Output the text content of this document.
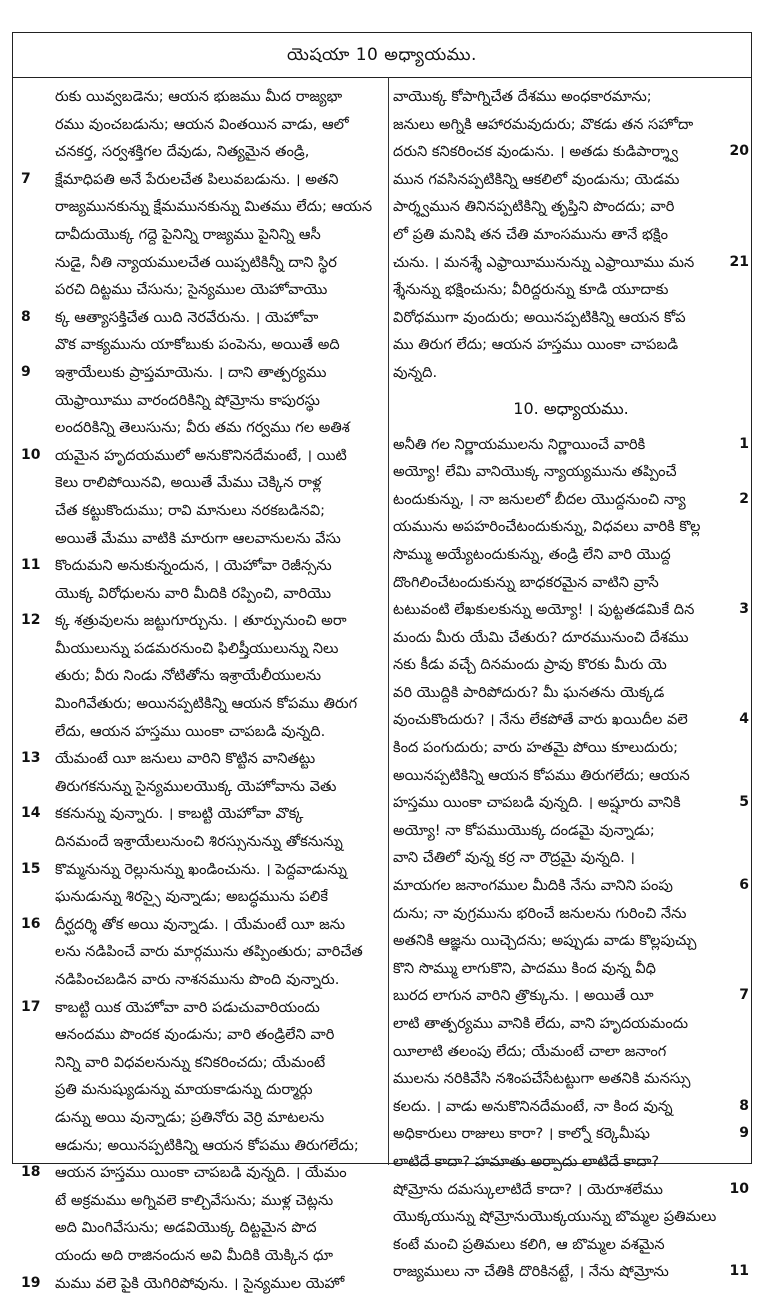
యెషయా 10 అధ్యాయము.
రుకు యివ్వబడెను; ఆయన భుజము మీద రాజ్యభా
రము వుంచబడును; ఆయన వింతయిన వాడు, ఆలో
చనకర్త, సర్వశక్తిగల దేవుడు, నిత్యమైన తండ్రి,
7	క్షేమాధిపతి అనే పేరులచేత పిలువబడును. । అతని
రాజ్యమునకున్ను క్షేమమునకున్ను మితము లేదు; ఆయన
దావీదుయొక్క గద్దె పైనిన్ని రాజ్యము పైనిన్ని ఆసీ
నుడై, నీతి న్యాయములచేత యిప్పటికిన్నీ దాని స్థిర
పరచి దిట్టము చేసును; సైన్యముల యెహోవాయొ
8	క్క ఆత్యాసక్తిచేత యిది నెరవేరును. । యెహోవా
వొక వాక్యమును యాకోబుకు పంపెను, అయితే అది
9	ఇశ్రాయేలుకు ప్రాప్తమాయెను. । దాని తాత్పర్యము
యెఫ్రాయీము వారందరికిన్ని షోమ్రోను కాపురస్థు
లందరికిన్ని తెలుసును; వీరు తమ గర్వము గల అతిశ
10 యమైన హృదయములో అనుకొనినదేమంటే, । యిటి
కెలు రాలిపోయినవి, అయితే మేము చెక్కిన రాళ్ల
చేత కట్టుకొందుము; రావి మానులు నరకబడినవి;
అయితే మేము వాటికి మారుగా ఆలవానులను వేసు
11 కొందుమని అనుకున్నందున, । యెహోవా రెజీన్సను
యొక్క విరోధులను వారి మీదికి రప్పించి, వారియొ
12 క్క శత్రువులను జట్టుగూర్చును. । తూర్పునుంచి అరా
మీయులున్ను పడమరనుంచి ఫిలిష్తీయులున్ను నిలు
తురు; వీరు నిండు నోటితోను ఇశ్రాయేలీయులను
మింగివేతురు; అయినప్పటికిన్ని ఆయన కోపము తిరుగ
లేదు, ఆయన హస్తము యింకా చాపబడి వున్నది.
13 యేమంటే యీ జనులు వారిని కొట్టిన వానితట్టు
తిరుగకనున్ను సైన్యములయొక్క యెహోవాను వెతు
14 కకనున్ను వున్నారు. । కాబట్టి యెహోవా వొక్క
దినమందే ఇశ్రాయేలునుంచి శిరస్సునున్ను తోకనున్ను
15 కొమ్మనున్ను రెల్లునున్ను ఖండించును. । పెద్దవాడున్ను
ఘనుడున్ను శిరస్సై వున్నాడు; అబద్ధమును పలికే
16 దీర్ఘదర్శి తోక అయి వున్నాడు. । యేమంటే యీ జను
లను నడిపించే వారు మార్గమును తప్పింతురు; వారిచేత
నడిపించబడిన వారు నాశనమును పొంది వున్నారు.
17 కాబట్టి యిక యెహోవా వారి పడుచువారియందు
ఆనందము పొందక వుండును; వారి తండ్రిలేని వారి
నిన్ని వారి విధవలనున్ను కనికరించదు; యేమంటే
ప్రతి మనుష్యుడున్ను మాయకాడున్ను దుర్మార్గు
డున్ను అయి వున్నాడు; ప్రతినోరు వెర్రి మాటలను
ఆడును; అయినప్పటికిన్ని ఆయన కోపము తిరుగలేదు;
18 ఆయన హస్తము యింకా చాపబడి వున్నది. । యేమం
టే అక్రమము అగ్నివలె కాల్చివేసును; ముళ్ల చెట్లను
అది మింగివేసును; అడవియొక్క దిట్టమైన పొద
యందు అది రాజినందున అవి మీదికి యెక్కిన ధూ
19 మము వలె పైకి యెగిరిపోవును. । సైన్యముల యెహో
వాయొక్క కోపాగ్నిచేత దేశము అంధకారమాను;
జనులు అగ్నికి ఆహారమవుదురు; వొకడు తన సహోదా
20
దరుని కనికరించక వుండును. । అతడు కుడిపార్శ్వా
మున గవసినప్పటికిన్ని ఆకలిలో వుండును; యెడమ
పార్శ్వమున తినినప్పటికిన్ని తృప్తిని పొందదు; వారి
లో ప్రతి మనిషి తన చేతి మాంసమును తానే భక్షిం
21
చును. । మనశ్శే ఎఫ్రాయీమునున్ను ఎఫ్రాయీము మన
శ్శేనున్ను భక్షించును; వీరిద్దరున్ను కూడి యూదాకు
విరోధముగా వుందురు; అయినప్పటికిన్ని ఆయన కోప
ము తిరుగ లేదు; ఆయన హస్తము యింకా చాపబడి
వున్నది.
10. అధ్యాయము.
1
అనీతి గల నిర్ణాయములను నిర్ణాయించే వారికి
అయ్యో! లేమి వానియొక్క న్యాయ్యమును తప్పించే
2
టందుకున్ను, । నా జనులలో బీదల యొద్దనుంచి న్యా
యమును అపహరించేటందుకున్ను, విధవలు వారికి కొల్ల
సొమ్ము అయ్యేటందుకున్ను, తండ్రి లేని వారి యొద్ద
దొంగిలించేటందుకున్ను బాధకరమైన వాటిని వ్రాసే
3
టటువంటి లేఖకులకున్ను అయ్యో! । పుట్టతడమికే దిన
మందు మీరు యేమి చేతురు? దూరమునుంచి దేశము
నకు కీడు వచ్చే దినమందు ప్రావు కొరకు మీరు యె
వరి యొద్దికి పారిపోదురు? మీ ఘనతను యెక్కడ
4
వుంచుకొందురు? । నేను లేకపోతే వారు ఖయిదీల వలె
కింద పంగుదురు; వారు హతమై పోయి కూలుదురు;
అయినప్పటికిన్ని ఆయన కోపము తిరుగలేదు; ఆయన
5
హస్తము యింకా చాపబడి వున్నది. । అష్షూరు వానికి
అయ్యో! నా కోపముయొక్క దండమై వున్నాడు;
వాని చేతిలో వున్న కర్ర నా రౌద్రమై వున్నది. ।
6
మాయగల జనాంగముల మీదికి నేను వానిని పంపు
దును; నా వుగ్రమును భరించే జనులను గురించి నేను
అతనికి ఆజ్ఞను యిచ్చెదను; అప్పుడు వాడు కొల్లపుచ్చు
కొని సొమ్ము లాగుకొని, పాదము కింద వున్న వీధి
7
బురద లాగున వారిని త్రొక్కును. । అయితే యీ
లాటి తాత్పర్యము వానికి లేదు, వాని హృదయమందు
యీలాటి తలంపు లేదు; యేమంటే చాలా జనాంగ
ములను నరికివేసి నశింపచేసేటట్టుగా అతనికి మనస్సు
8
కలదు. । వాడు అనుకొనినదేమంటే, నా కింద వున్న
9
అధికారులు రాజులు కారా? । కాల్నో కర్కెమీషు
లాటిదే కాదా? హమాతు అర్పాదు లాటిదే కాదా?
10
షోమ్రోను దమస్కులాటిదే కాదా? । యెరూశలేము
యొక్కయున్ను షోమ్రోనుయొక్కయున్ను బొమ్మల ప్రతిమలు
కంటే మంచి ప్రతిమలు కలిగి, ఆ బొమ్మల వశమైన
11
రాజ్యములు నా చేతికి దొరికినట్టే, । నేను షోమ్రోను
